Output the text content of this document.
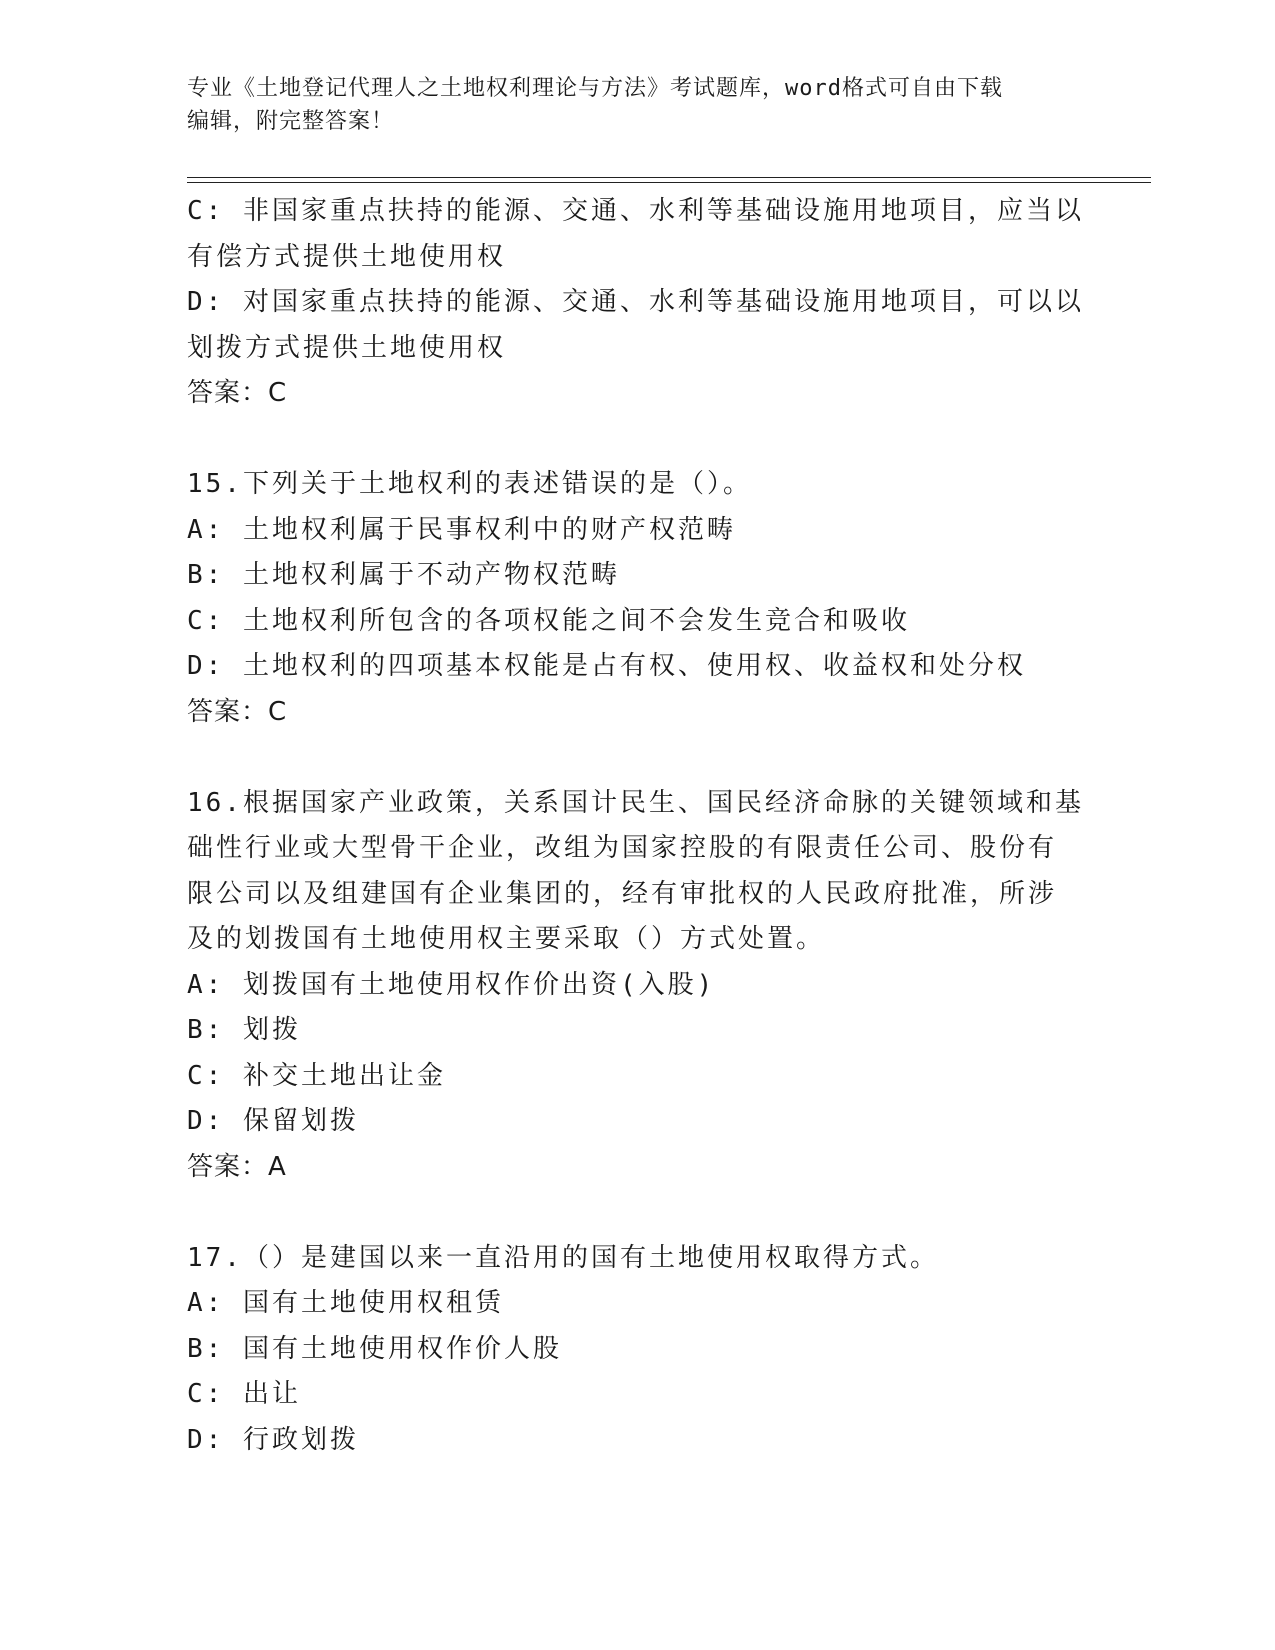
专业《土地登记代理人之土地权利理论与方法》考试题库，word格式可自由下载
编辑，附完整答案！
C: 非国家重点扶持的能源、交通、水利等基础设施用地项目，应当以
有偿方式提供土地使用权
D: 对国家重点扶持的能源、交通、水利等基础设施用地项目，可以以
划拨方式提供土地使用权
答案：C
15.下列关于土地权利的表述错误的是（）。
A: 土地权利属于民事权利中的财产权范畴
B: 土地权利属于不动产物权范畴
C: 土地权利所包含的各项权能之间不会发生竞合和吸收
D: 土地权利的四项基本权能是占有权、使用权、收益权和处分权
答案：C
16.根据国家产业政策，关系国计民生、国民经济命脉的关键领域和基
础性行业或大型骨干企业，改组为国家控股的有限责任公司、股份有
限公司以及组建国有企业集团的，经有审批权的人民政府批准，所涉
及的划拨国有土地使用权主要采取（）方式处置。
A: 划拨国有土地使用权作价出资(入股)
B: 划拨
C: 补交土地出让金
D: 保留划拨
答案：A
17.（）是建国以来一直沿用的国有土地使用权取得方式。
A: 国有土地使用权租赁
B: 国有土地使用权作价人股
C: 出让
D: 行政划拨
